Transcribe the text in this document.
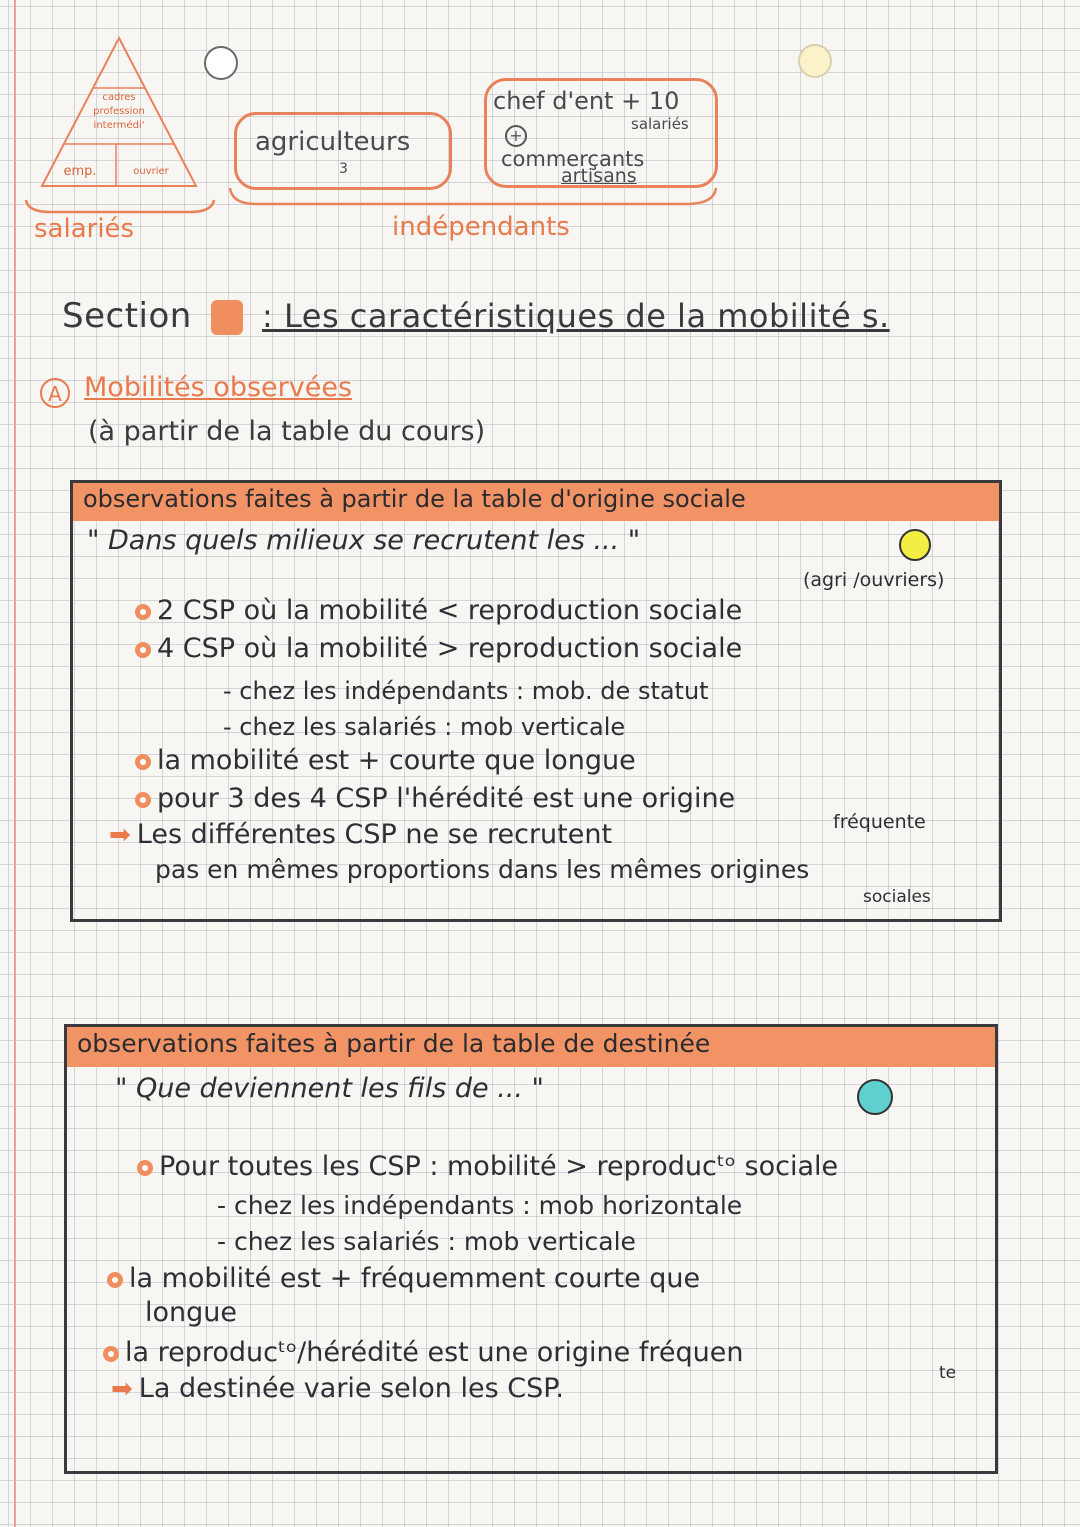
cadres
profession
intermédi'
emp.	ouvrier
salariés
agriculteurs
3
chef d'ent + 10
salariés
+
commerçants
artisans
indépendants
Section 2 : Les caractéristiques de la mobilité s.
A Mobilités observées
(à partir de la table du cours)
observations faites à partir de la table d'origine sociale
" Dans quels milieux se recrutent les ... "
(agri /ouvriers)
2 CSP où la mobilité < reproduction sociale
4 CSP où la mobilité > reproduction sociale
- chez les indépendants : mob. de statut
- chez les salariés : mob verticale
la mobilité est + courte que longue
pour 3 des 4 CSP l'hérédité est une origine
fréquente
➡ Les différentes CSP ne se recrutent
pas en mêmes proportions dans les mêmes origines
sociales
observations faites à partir de la table de destinée
" Que deviennent les fils de ... "
Pour toutes les CSP : mobilité > reproducᵗᵒ sociale
- chez les indépendants : mob horizontale
- chez les salariés : mob verticale
la mobilité est + fréquemment courte que
longue
la reproducᵗᵒ/hérédité est une origine fréquen
te
➡ La destinée varie selon les CSP.
